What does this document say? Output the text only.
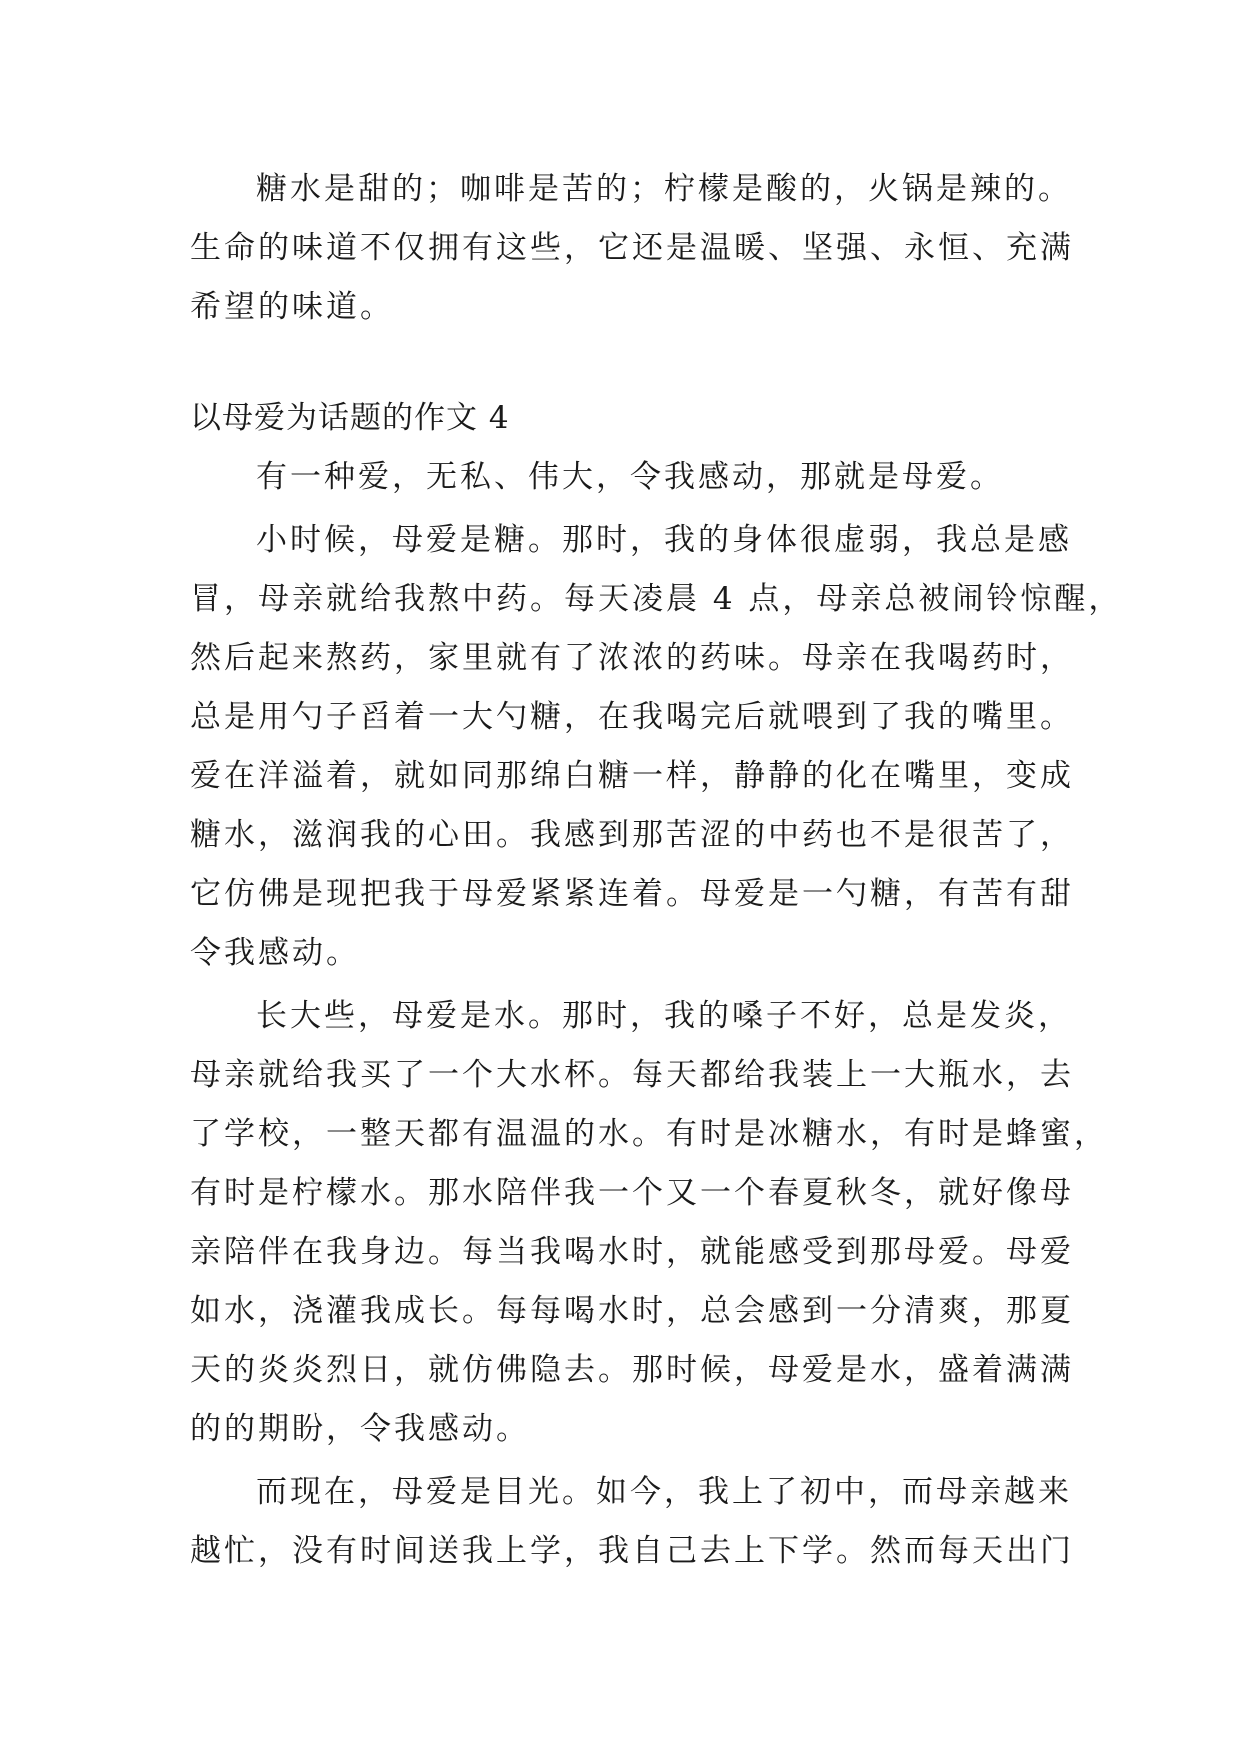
糖水是甜的；咖啡是苦的；柠檬是酸的，火锅是辣的。
生命的味道不仅拥有这些，它还是温暖、坚强、永恒、充满
希望的味道。
以母爱为话题的作文 4
有一种爱，无私、伟大，令我感动，那就是母爱。
小时候，母爱是糖。那时，我的身体很虚弱，我总是感
冒，母亲就给我熬中药。每天凌晨 4 点，母亲总被闹铃惊醒，
然后起来熬药，家里就有了浓浓的药味。母亲在我喝药时，
总是用勺子舀着一大勺糖，在我喝完后就喂到了我的嘴里。
爱在洋溢着，就如同那绵白糖一样，静静的化在嘴里，变成
糖水，滋润我的心田。我感到那苦涩的中药也不是很苦了，
它仿佛是现把我于母爱紧紧连着。母爱是一勺糖，有苦有甜
令我感动。
长大些，母爱是水。那时，我的嗓子不好，总是发炎，
母亲就给我买了一个大水杯。每天都给我装上一大瓶水，去
了学校，一整天都有温温的水。有时是冰糖水，有时是蜂蜜，
有时是柠檬水。那水陪伴我一个又一个春夏秋冬，就好像母
亲陪伴在我身边。每当我喝水时，就能感受到那母爱。母爱
如水，浇灌我成长。每每喝水时，总会感到一分清爽，那夏
天的炎炎烈日，就仿佛隐去。那时候，母爱是水，盛着满满
的的期盼，令我感动。
而现在，母爱是目光。如今，我上了初中，而母亲越来
越忙，没有时间送我上学，我自己去上下学。然而每天出门
